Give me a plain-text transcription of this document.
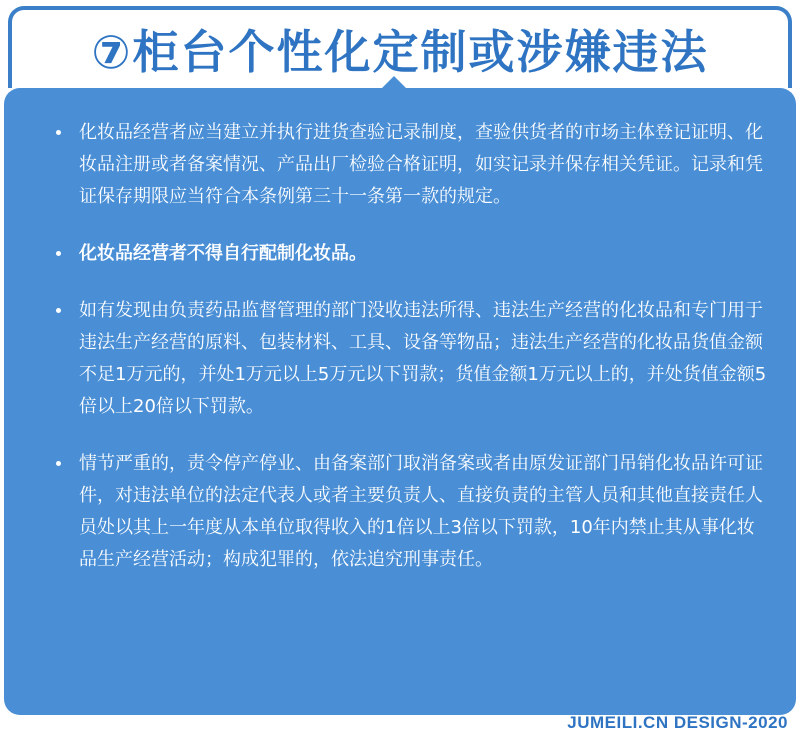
⑦柜台个性化定制或涉嫌违法
化妆品经营者应当建立并执行进货查验记录制度，查验供货者的市场主体登记证明、化妆品注册或者备案情况、产品出厂检验合格证明，如实记录并保存相关凭证。记录和凭证保存期限应当符合本条例第三十一条第一款的规定。
化妆品经营者不得自行配制化妆品。
如有发现由负责药品监督管理的部门没收违法所得、违法生产经营的化妆品和专门用于违法生产经营的原料、包装材料、工具、设备等物品；违法生产经营的化妆品货值金额不足1万元的，并处1万元以上5万元以下罚款；货值金额1万元以上的，并处货值金额5倍以上20倍以下罚款。
情节严重的，责令停产停业、由备案部门取消备案或者由原发证部门吊销化妆品许可证件，对违法单位的法定代表人或者主要负责人、直接负责的主管人员和其他直接责任人员处以其上一年度从本单位取得收入的1倍以上3倍以下罚款，10年内禁止其从事化妆品生产经营活动；构成犯罪的，依法追究刑事责任。
JUMEILI.CN DESIGN-2020
